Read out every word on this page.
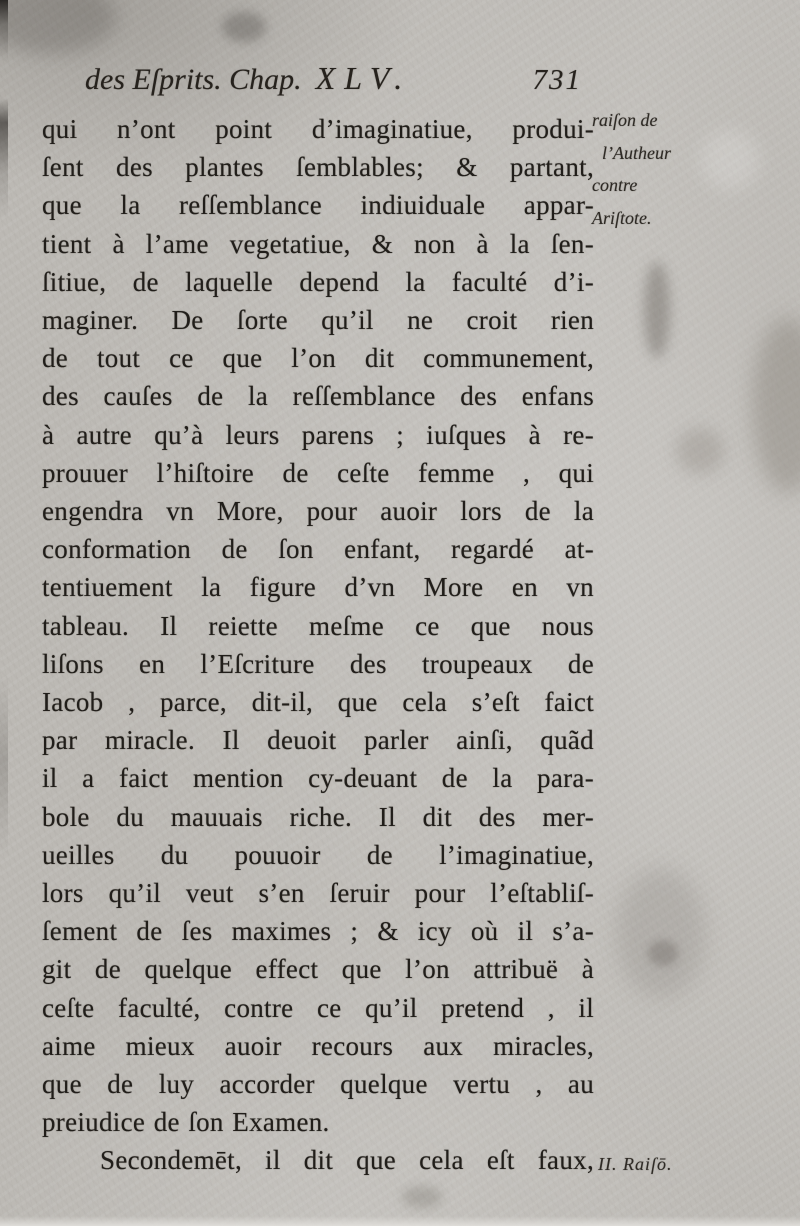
des Eſprits. Chap. XLV.	731
qui n’ont point d’imaginatiue, produi-
ſent des plantes ſemblables; & partant,
que la reſſemblance indiuiduale appar-
tient à l’ame vegetatiue, & non à la ſen-
ſitiue, de laquelle depend la faculté d’i-
maginer. De ſorte qu’il ne croit rien
de tout ce que l’on dit communement,
des cauſes de la reſſemblance des enfans
à autre qu’à leurs parens ; iuſques à re-
prouuer l’hiſtoire de ceſte femme , qui
engendra vn More, pour auoir lors de la
conformation de ſon enfant, regardé at-
tentiuement la figure d’vn More en vn
tableau. Il reiette meſme ce que nous
liſons en l’Eſcriture des troupeaux de
Iacob , parce, dit-il, que cela s’eſt faict
par miracle. Il deuoit parler ainſi, quãd
il a faict mention cy-deuant de la para-
bole du mauuais riche. Il dit des mer-
ueilles du pouuoir de l’imaginatiue,
lors qu’il veut s’en ſeruir pour l’eſtabliſ-
ſement de ſes maximes ; & icy où il s’a-
git de quelque effect que l’on attribuë à
ceſte faculté, contre ce qu’il pretend , il
aime mieux auoir recours aux miracles,
que de luy accorder quelque vertu , au
preiudice de ſon Examen.
Secondemēt, il dit que cela eſt faux,
raiſon de
l’Autheur
contre
Ariſtote.
II. Raiſō.
